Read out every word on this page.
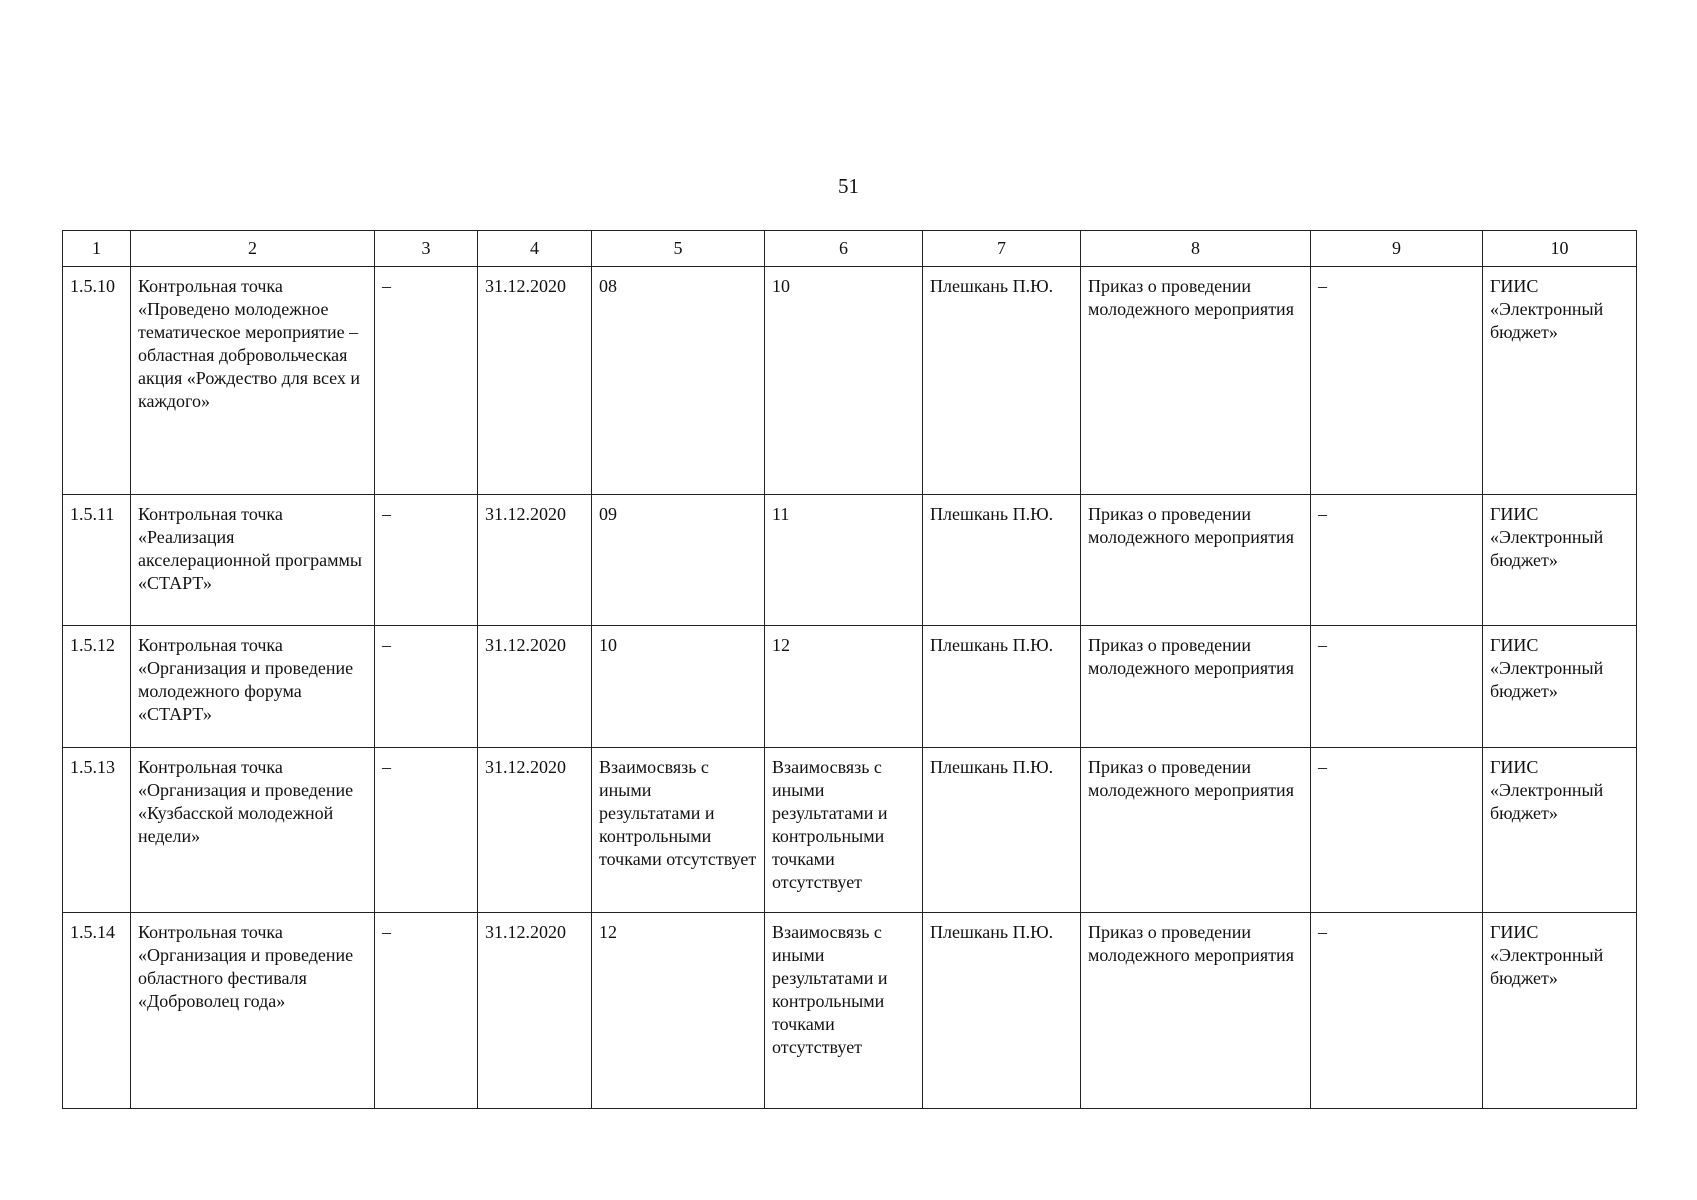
51
1	2	3	4	5	6	7	8	9	10
1.5.10	Контрольная точка «Проведено молодежное тематическое мероприятие – областная добровольческая акция «Рождество для всех и каждого»	–	31.12.2020	08	10	Плешкань П.Ю.	Приказ о проведении молодежного мероприятия	–	ГИИС «Электронный бюджет»
1.5.11	Контрольная точка «Реализация акселерационной программы «СТАРТ»	–	31.12.2020	09	11	Плешкань П.Ю.	Приказ о проведении молодежного мероприятия	–	ГИИС «Электронный бюджет»
1.5.12	Контрольная точка «Организация и проведение молодежного форума «СТАРТ»	–	31.12.2020	10	12	Плешкань П.Ю.	Приказ о проведении молодежного мероприятия	–	ГИИС «Электронный бюджет»
1.5.13	Контрольная точка «Организация и проведение «Кузбасской молодежной недели»	–	31.12.2020	Взаимосвязь с иными результатами и контрольными точками отсутствует	Взаимосвязь с иными результатами и контрольными точками отсутствует	Плешкань П.Ю.	Приказ о проведении молодежного мероприятия	–	ГИИС «Электронный бюджет»
1.5.14	Контрольная точка «Организация и проведение областного фестиваля «Доброволец года»	–	31.12.2020	12	Взаимосвязь с иными результатами и контрольными точками отсутствует	Плешкань П.Ю.	Приказ о проведении молодежного мероприятия	–	ГИИС «Электронный бюджет»
